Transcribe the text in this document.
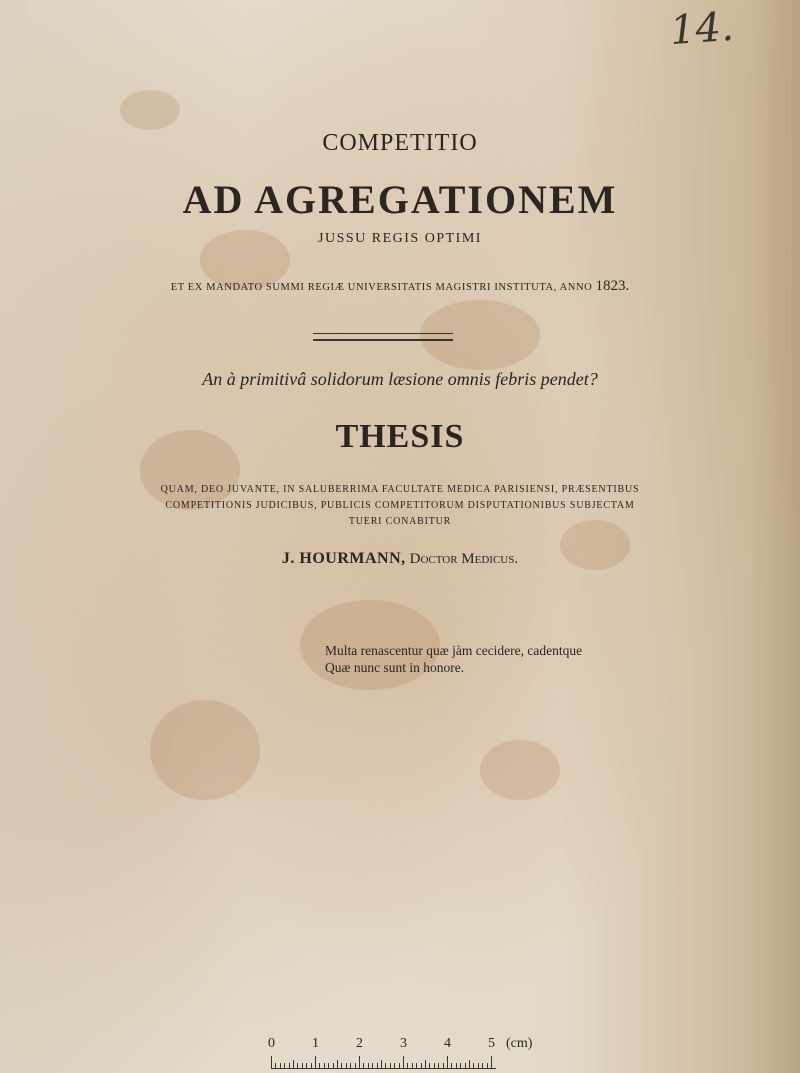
14.
COMPETITIO
AD AGREGATIONEM
JUSSU REGIS OPTIMI
ET EX MANDATO SUMMI REGIÆ UNIVERSITATIS MAGISTRI INSTITUTA, ANNO 1823.
An à primitivâ solidorum læsione omnis febris pendet?
THESIS
QUAM, DEO JUVANTE, IN SALUBERRIMA FACULTATE MEDICA PARISIENSI, PRÆSENTIBUS
COMPETITIONIS JUDICIBUS, PUBLICIS COMPETITORUM DISPUTATIONIBUS SUBJECTAM
TUERI CONABITUR
J. HOURMANN, Doctor Medicus.
Multa renascentur quæ jàm cecidere, cadentque
Quæ nunc sunt in honore.
0	1	2	3	4	5 (cm)
